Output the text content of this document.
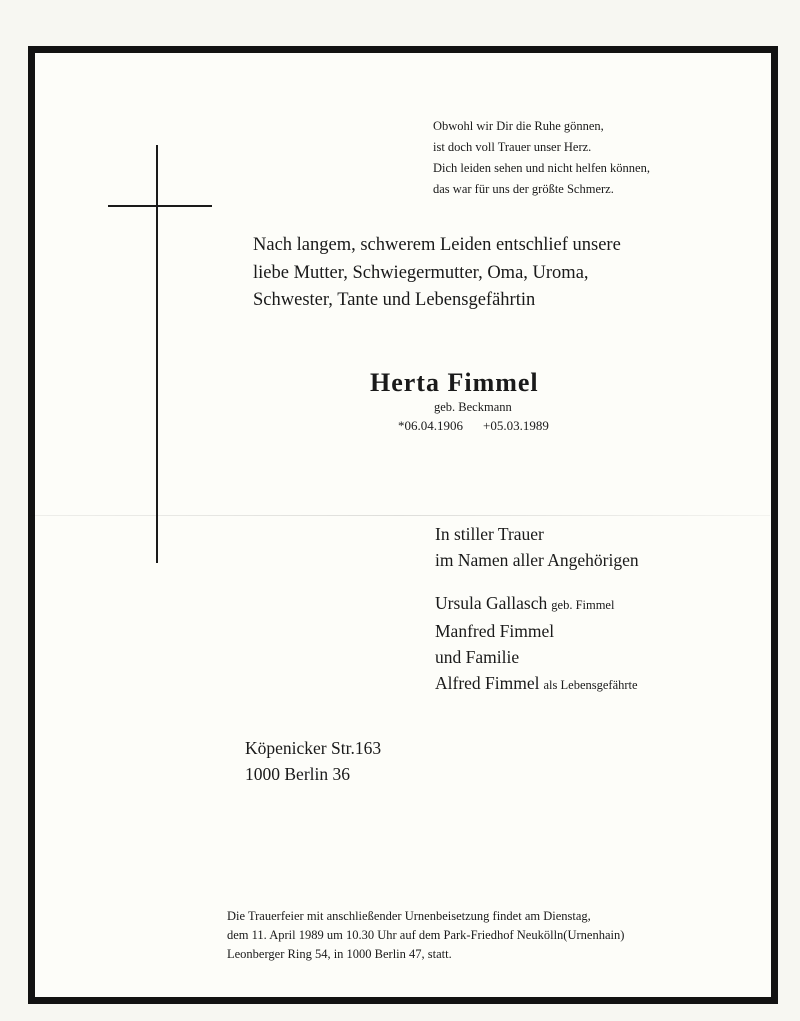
Obwohl wir Dir die Ruhe gönnen,
ist doch voll Trauer unser Herz.
Dich leiden sehen und nicht helfen können,
das war für uns der größte Schmerz.
Nach langem, schwerem Leiden entschlief unsere
liebe Mutter, Schwiegermutter, Oma, Uroma,
Schwester, Tante und Lebensgefährtin
Herta Fimmel
geb. Beckmann
*06.04.1906 +05.03.1989
In stiller Trauer
im Namen aller Angehörigen
Ursula Gallasch geb. Fimmel
Manfred Fimmel
und Familie
Alfred Fimmel als Lebensgefährte
Köpenicker Str.163
1000 Berlin 36
Die Trauerfeier mit anschließender Urnenbeisetzung findet am Dienstag,
dem 11. April 1989 um 10.30 Uhr auf dem Park-Friedhof Neukölln(Urnenhain)
Leonberger Ring 54, in 1000 Berlin 47, statt.
